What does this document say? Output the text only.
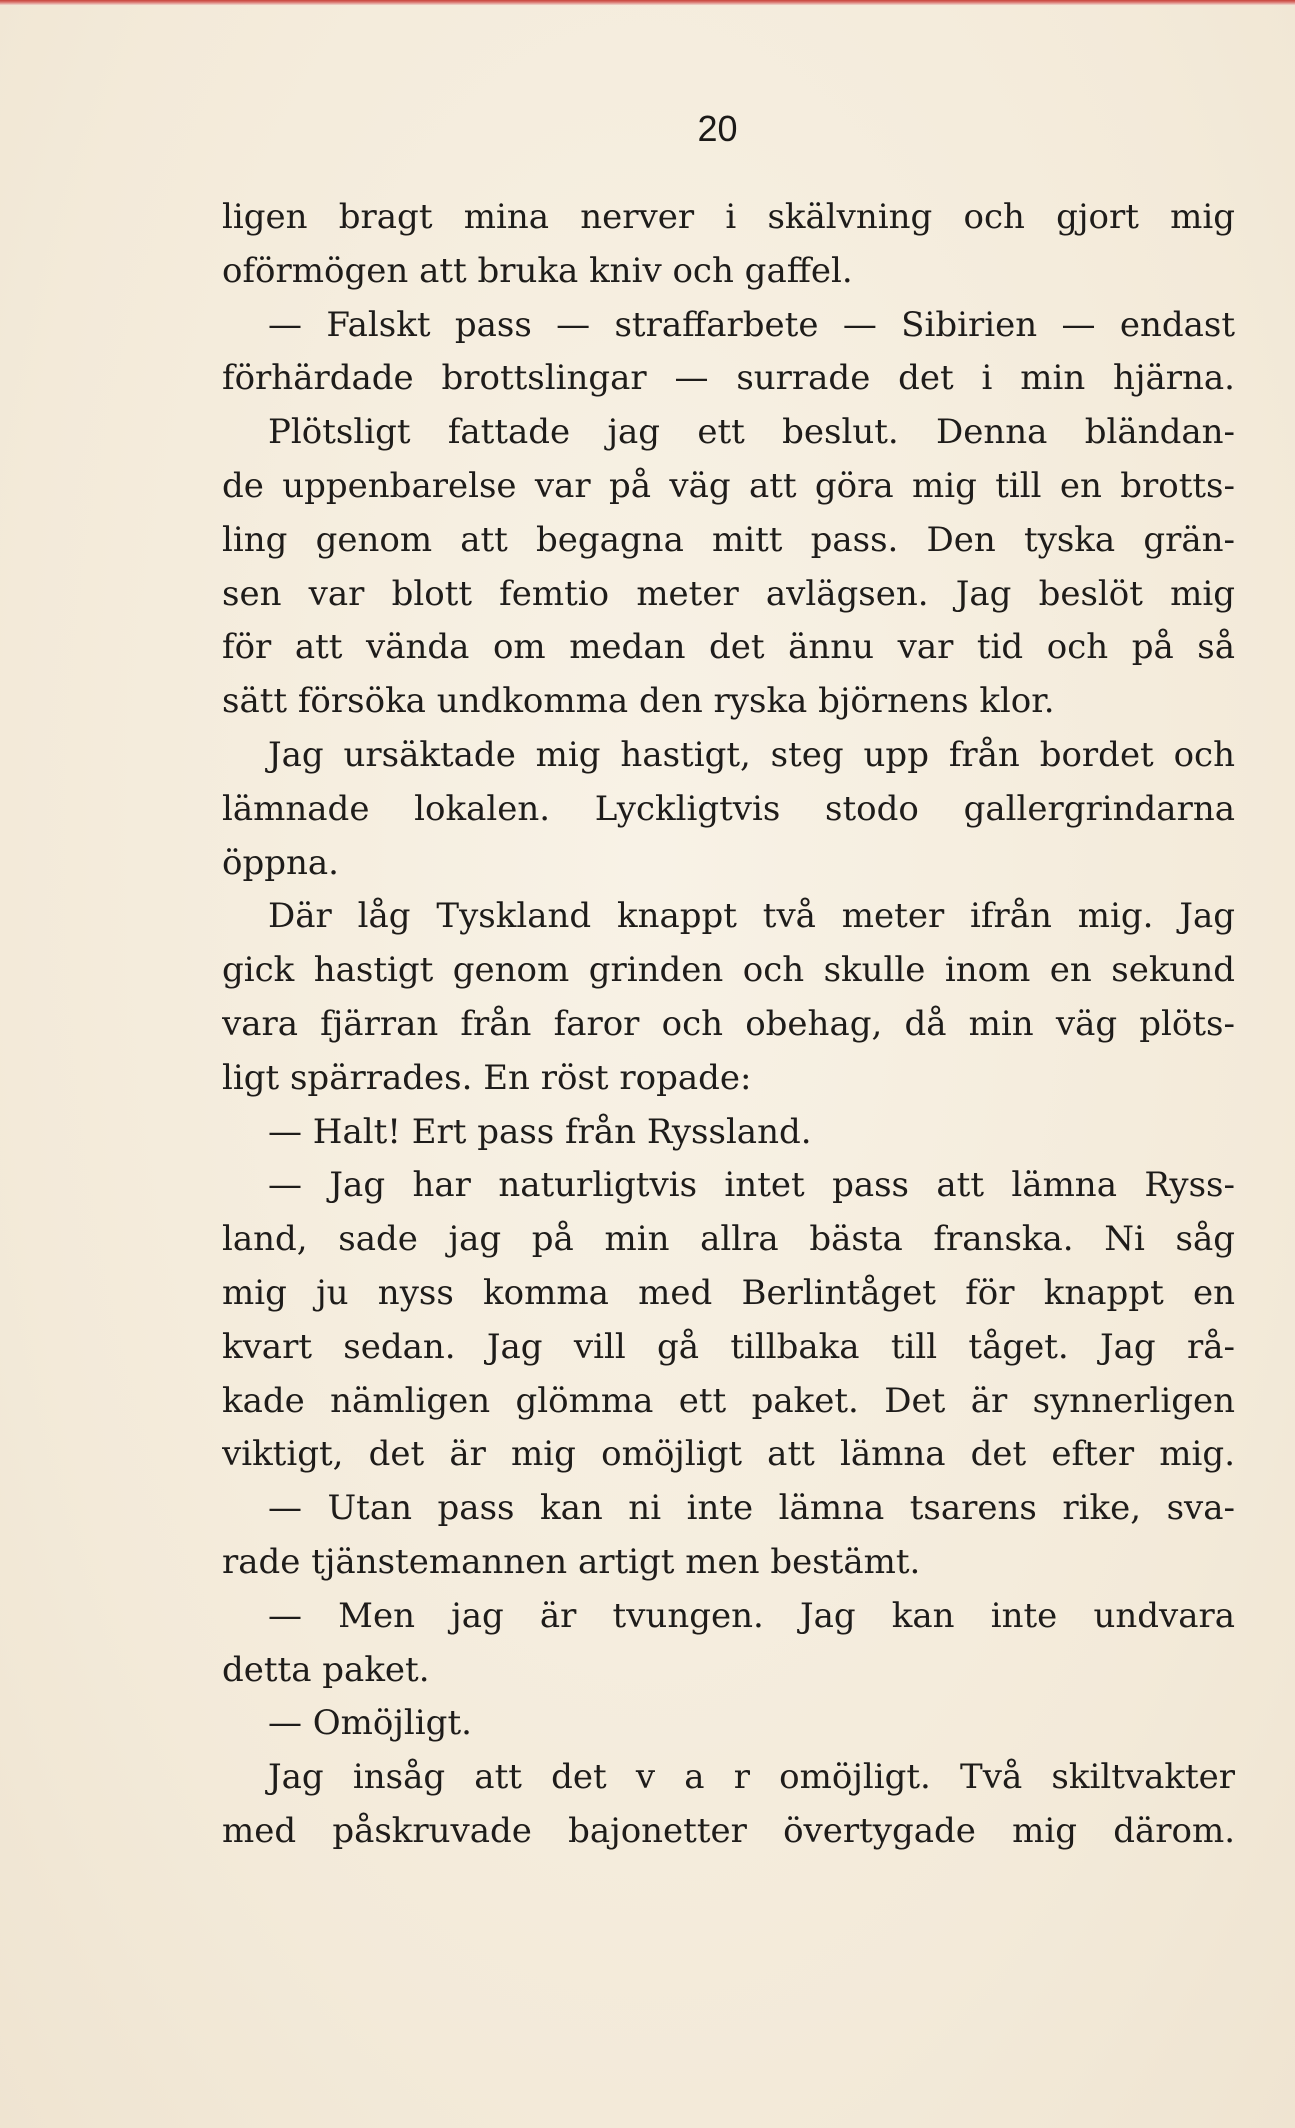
20
ligen bragt mina nerver i skälvning och gjort mig
oförmögen att bruka kniv och gaffel.
— Falskt pass — straffarbete — Sibirien — endast
förhärdade brottslingar — surrade det i min hjärna.
Plötsligt fattade jag ett beslut. Denna bländan-
de uppenbarelse var på väg att göra mig till en brotts-
ling genom att begagna mitt pass. Den tyska grän-
sen var blott femtio meter avlägsen. Jag beslöt mig
för att vända om medan det ännu var tid och på så
sätt försöka undkomma den ryska björnens klor.
Jag ursäktade mig hastigt, steg upp från bordet och
lämnade lokalen. Lyckligtvis stodo gallergrindarna
öppna.
Där låg Tyskland knappt två meter ifrån mig. Jag
gick hastigt genom grinden och skulle inom en sekund
vara fjärran från faror och obehag, då min väg plöts-
ligt spärrades. En röst ropade:
— Halt! Ert pass från Ryssland.
— Jag har naturligtvis intet pass att lämna Ryss-
land, sade jag på min allra bästa franska. Ni såg
mig ju nyss komma med Berlintåget för knappt en
kvart sedan. Jag vill gå tillbaka till tåget. Jag rå-
kade nämligen glömma ett paket. Det är synnerligen
viktigt, det är mig omöjligt att lämna det efter mig.
— Utan pass kan ni inte lämna tsarens rike, sva-
rade tjänstemannen artigt men bestämt.
— Men jag är tvungen. Jag kan inte undvara
detta paket.
— Omöjligt.
Jag insåg att det v a r omöjligt. Två skiltvakter
med påskruvade bajonetter övertygade mig därom.
